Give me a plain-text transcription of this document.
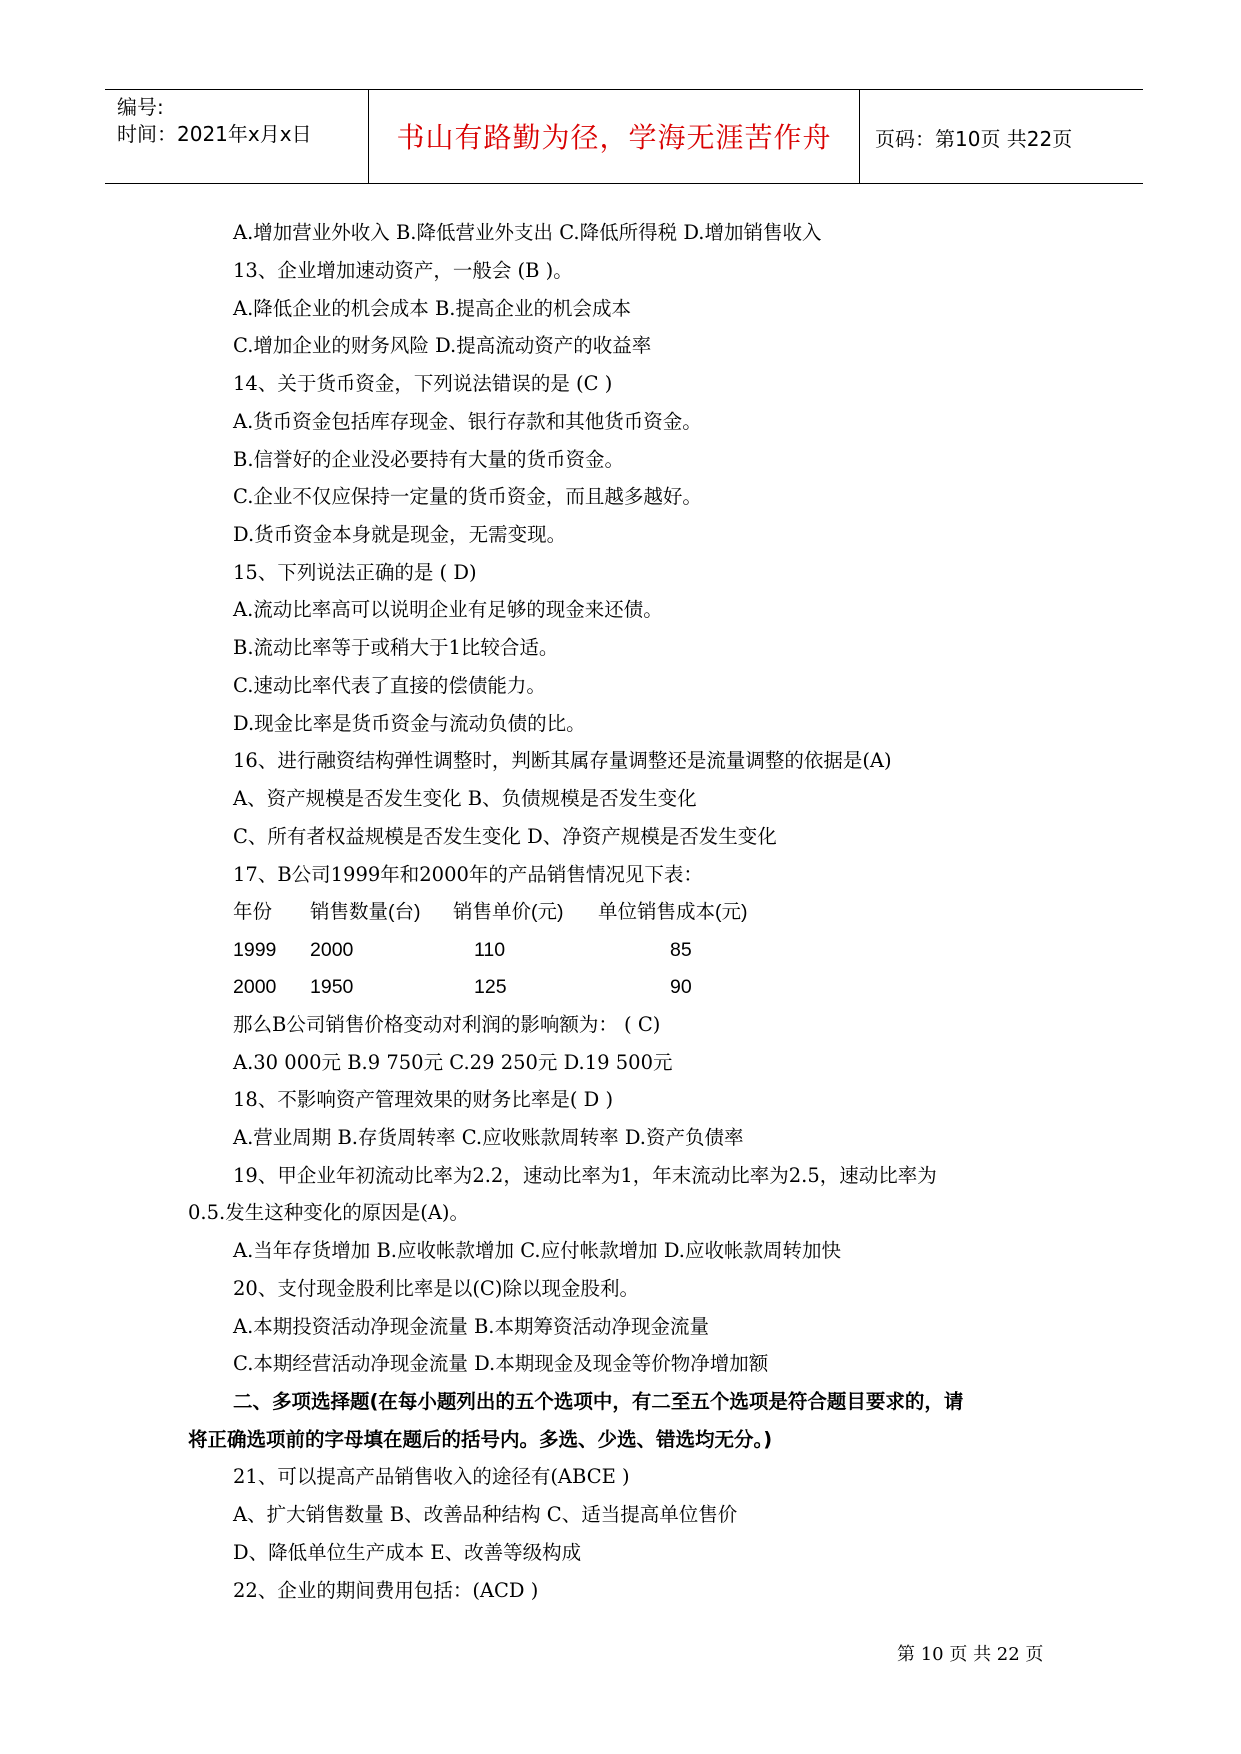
编号:
时间：2021年x月x日	书山有路勤为径，学海无涯苦作舟	页码：第10页 共22页
A.增加营业外收入 B.降低营业外支出 C.降低所得税 D.增加销售收入
13、企业增加速动资产，一般会 (B )。
A.降低企业的机会成本 B.提高企业的机会成本
C.增加企业的财务风险 D.提高流动资产的收益率
14、关于货币资金，下列说法错误的是 (C )
A.货币资金包括库存现金、银行存款和其他货币资金。
B.信誉好的企业没必要持有大量的货币资金。
C.企业不仅应保持一定量的货币资金，而且越多越好。
D.货币资金本身就是现金，无需变现。
15、下列说法正确的是 ( D)
A.流动比率高可以说明企业有足够的现金来还债。
B.流动比率等于或稍大于1比较合适。
C.速动比率代表了直接的偿债能力。
D.现金比率是货币资金与流动负债的比。
16、进行融资结构弹性调整时，判断其属存量调整还是流量调整的依据是(A)
A、资产规模是否发生变化 B、负债规模是否发生变化
C、所有者权益规模是否发生变化 D、净资产规模是否发生变化
17、B公司1999年和2000年的产品销售情况见下表：
年份 销售数量(台) 销售单价(元) 单位销售成本(元)
1999 2000	110	85
2000 1950	125	90
那么B公司销售价格变动对利润的影响额为： ( C)
A.30 000元 B.9 750元 C.29 250元 D.19 500元
18、不影响资产管理效果的财务比率是( D )
A.营业周期 B.存货周转率 C.应收账款周转率 D.资产负债率
19、甲企业年初流动比率为2.2，速动比率为1，年末流动比率为2.5，速动比率为
0.5.发生这种变化的原因是(A)。
A.当年存货增加 B.应收帐款增加 C.应付帐款增加 D.应收帐款周转加快
20、支付现金股利比率是以(C)除以现金股利。
A.本期投资活动净现金流量 B.本期筹资活动净现金流量
C.本期经营活动净现金流量 D.本期现金及现金等价物净增加额
二、多项选择题(在每小题列出的五个选项中，有二至五个选项是符合题目要求的，请
将正确选项前的字母填在题后的括号内。多选、少选、错选均无分。)
21、可以提高产品销售收入的途径有(ABCE )
A、扩大销售数量 B、改善品种结构 C、适当提高单位售价
D、降低单位生产成本 E、改善等级构成
22、企业的期间费用包括：(ACD )
第 10 页 共 22 页
